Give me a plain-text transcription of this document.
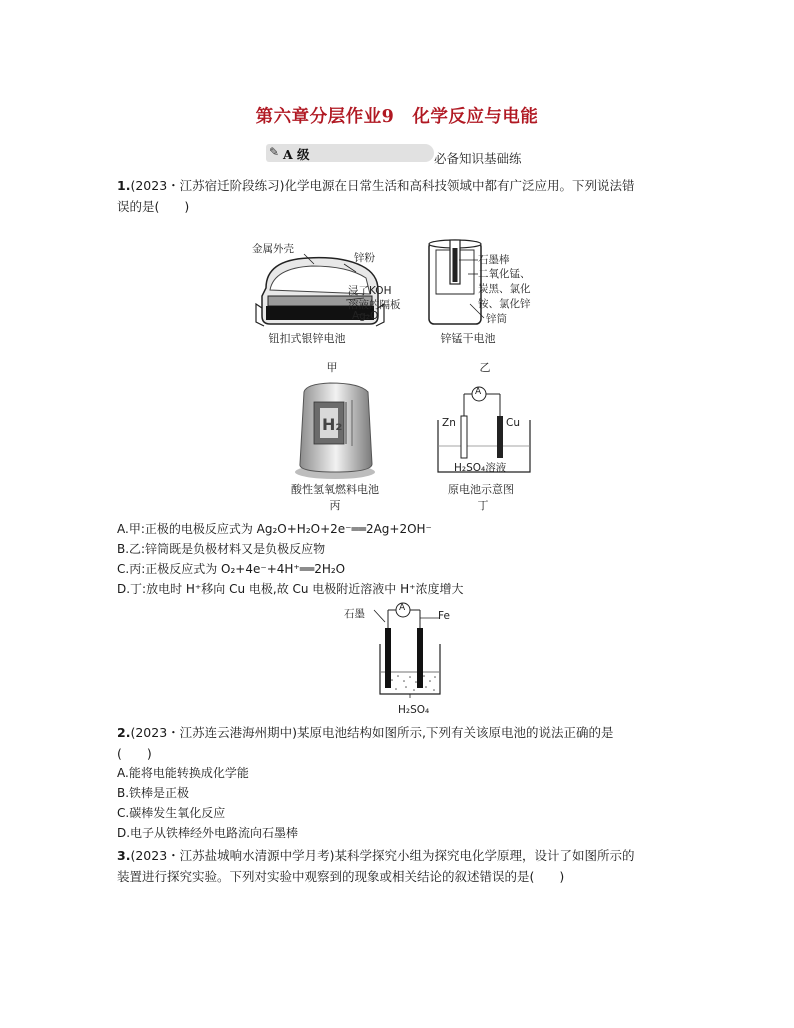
第六章分层作业9　化学反应与电能
✎ A 级	必备知识基础练
1.(2023・江苏宿迁阶段练习)化学电源在日常生活和高科技领域中都有广泛应用。下列说法错
误的是(　　)
金属外壳
锌粉
浸了KOH
溶液的隔板
Ag₂O
钮扣式银锌电池
甲
石墨棒
二氧化锰、
炭黑、氯化
铵、氯化锌
锌筒
锌锰干电池
乙
H₂
酸性氢氧燃料电池
丙
A
Zn	Cu
H₂SO₄溶液
原电池示意图
丁
A.甲:正极的电极反应式为 Ag₂O+H₂O+2e⁻══2Ag+2OH⁻
B.乙:锌筒既是负极材料又是负极反应物
C.丙:正极反应式为 O₂+4e⁻+4H⁺══2H₂O
D.丁:放电时 H⁺移向 Cu 电极,故 Cu 电极附近溶液中 H⁺浓度增大
A
石墨	Fe
H₂SO₄
2.(2023・江苏连云港海州期中)某原电池结构如图所示,下列有关该原电池的说法正确的是
(　　)
A.能将电能转换成化学能
B.铁棒是正极
C.碳棒发生氧化反应
D.电子从铁棒经外电路流向石墨棒
3.(2023・江苏盐城响水清源中学月考)某科学探究小组为探究电化学原理，设计了如图所示的
装置进行探究实验。下列对实验中观察到的现象或相关结论的叙述错误的是(　　)
